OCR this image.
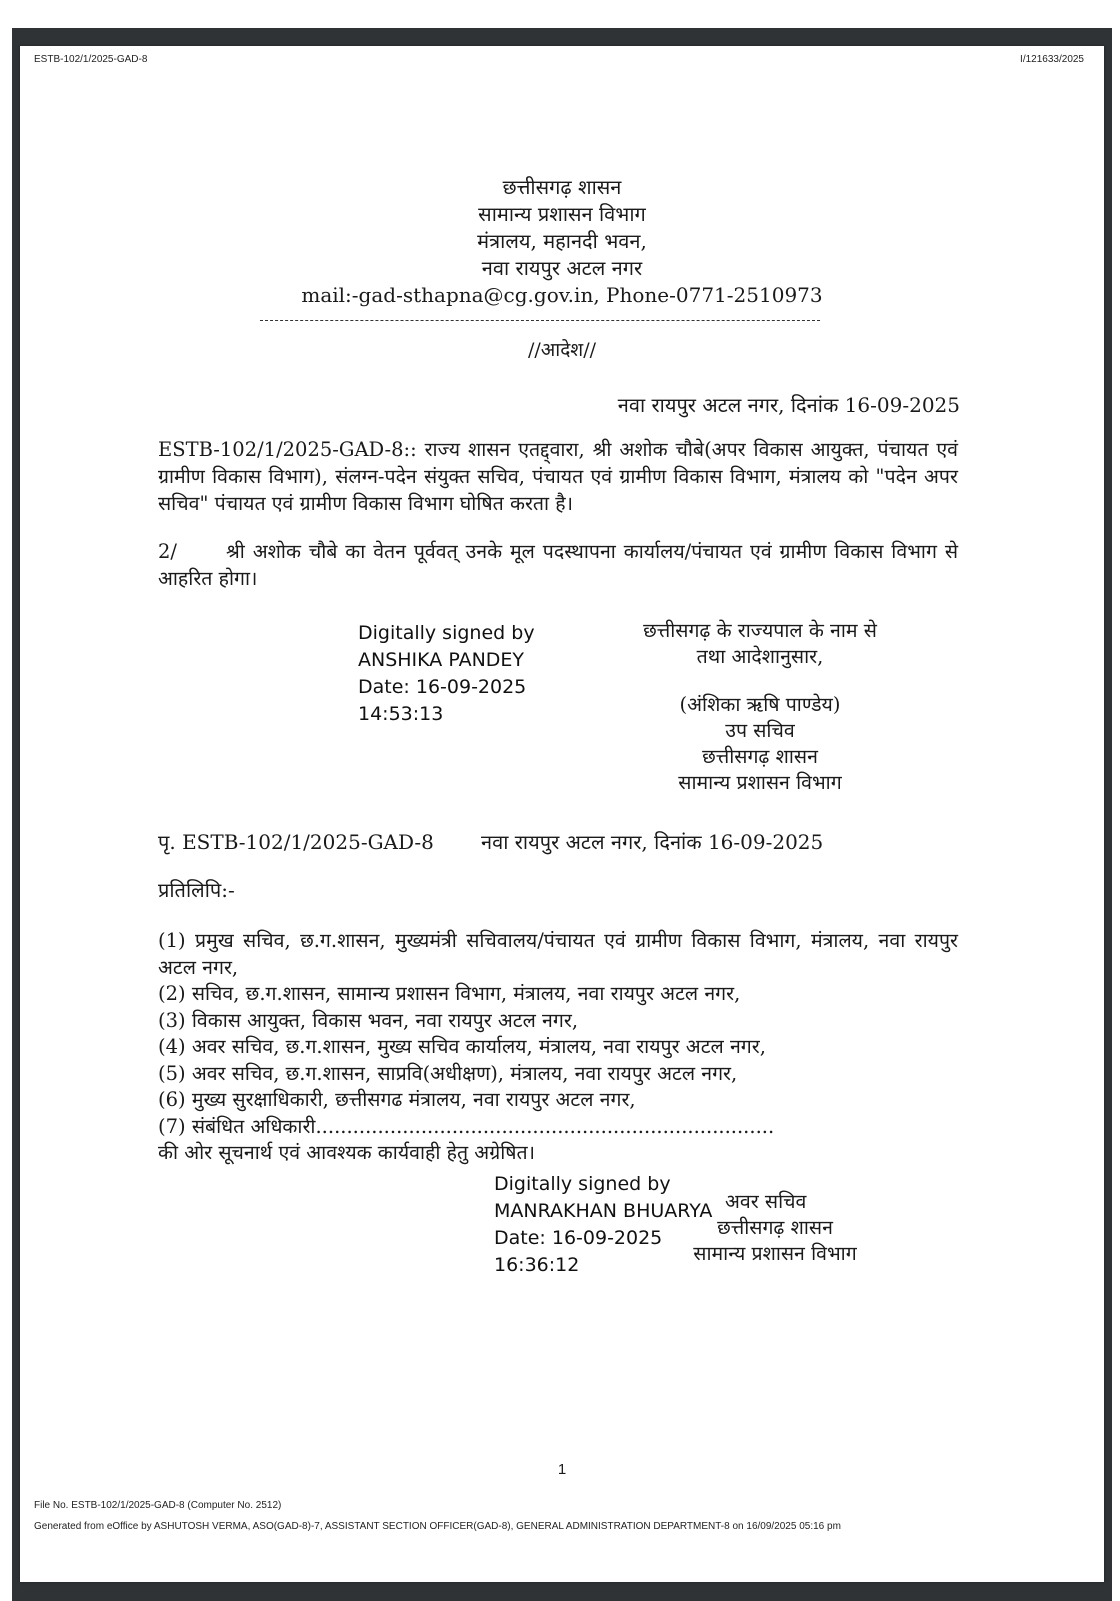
ESTB-102/1/2025-GAD-8	I/121633/2025
छत्तीसगढ़ शासन
सामान्य प्रशासन विभाग
मंत्रालय, महानदी भवन,
नवा रायपुर अटल नगर
mail:-gad-sthapna@cg.gov.in, Phone-0771-2510973
//आदेश//
नवा रायपुर अटल नगर, दिनांक 16-09-2025
ESTB-102/1/2025-GAD-8:: राज्य शासन एतद्द्वारा, श्री अशोक चौबे(अपर विकास आयुक्त, पंचायत एवं ग्रामीण विकास विभाग), संलग्न-पदेन संयुक्त सचिव, पंचायत एवं ग्रामीण विकास विभाग, मंत्रालय को "पदेन अपर सचिव" पंचायत एवं ग्रामीण विकास विभाग घोषित करता है।
2/	श्री अशोक चौबे का वेतन पूर्ववत् उनके मूल पदस्थापना कार्यालय/पंचायत एवं ग्रामीण विकास विभाग से आहरित होगा।
Digitally signed by
ANSHIKA PANDEY
Date: 16-09-2025
14:53:13
छत्तीसगढ़ के राज्यपाल के नाम से
तथा आदेशानुसार,
(अंशिका ऋषि पाण्डेय)
उप सचिव
छत्तीसगढ़ शासन
सामान्य प्रशासन विभाग
पृ. ESTB-102/1/2025-GAD-8 नवा रायपुर अटल नगर, दिनांक 16-09-2025
प्रतिलिपि:-
(1) प्रमुख सचिव, छ.ग.शासन, मुख्यमंत्री सचिवालय/पंचायत एवं ग्रामीण विकास विभाग, मंत्रालय, नवा रायपुर अटल नगर,
(2) सचिव, छ.ग.शासन, सामान्य प्रशासन विभाग, मंत्रालय, नवा रायपुर अटल नगर,
(3) विकास आयुक्त, विकास भवन, नवा रायपुर अटल नगर,
(4) अवर सचिव, छ.ग.शासन, मुख्य सचिव कार्यालय, मंत्रालय, नवा रायपुर अटल नगर,
(5) अवर सचिव, छ.ग.शासन, साप्रवि(अधीक्षण), मंत्रालय, नवा रायपुर अटल नगर,
(6) मुख्य सुरक्षाधिकारी, छत्तीसगढ मंत्रालय, नवा रायपुर अटल नगर,
(7) संबंधित अधिकारी..........................................................................
की ओर सूचनार्थ एवं आवश्यक कार्यवाही हेतु अग्रेषित।
Digitally signed by
MANRAKHAN BHUARYA
Date: 16-09-2025
16:36:12
अवर सचिव
छत्तीसगढ़ शासन
सामान्य प्रशासन विभाग
1
File No. ESTB-102/1/2025-GAD-8 (Computer No. 2512)
Generated from eOffice by ASHUTOSH VERMA, ASO(GAD-8)-7, ASSISTANT SECTION OFFICER(GAD-8), GENERAL ADMINISTRATION DEPARTMENT-8 on 16/09/2025 05:16 pm
